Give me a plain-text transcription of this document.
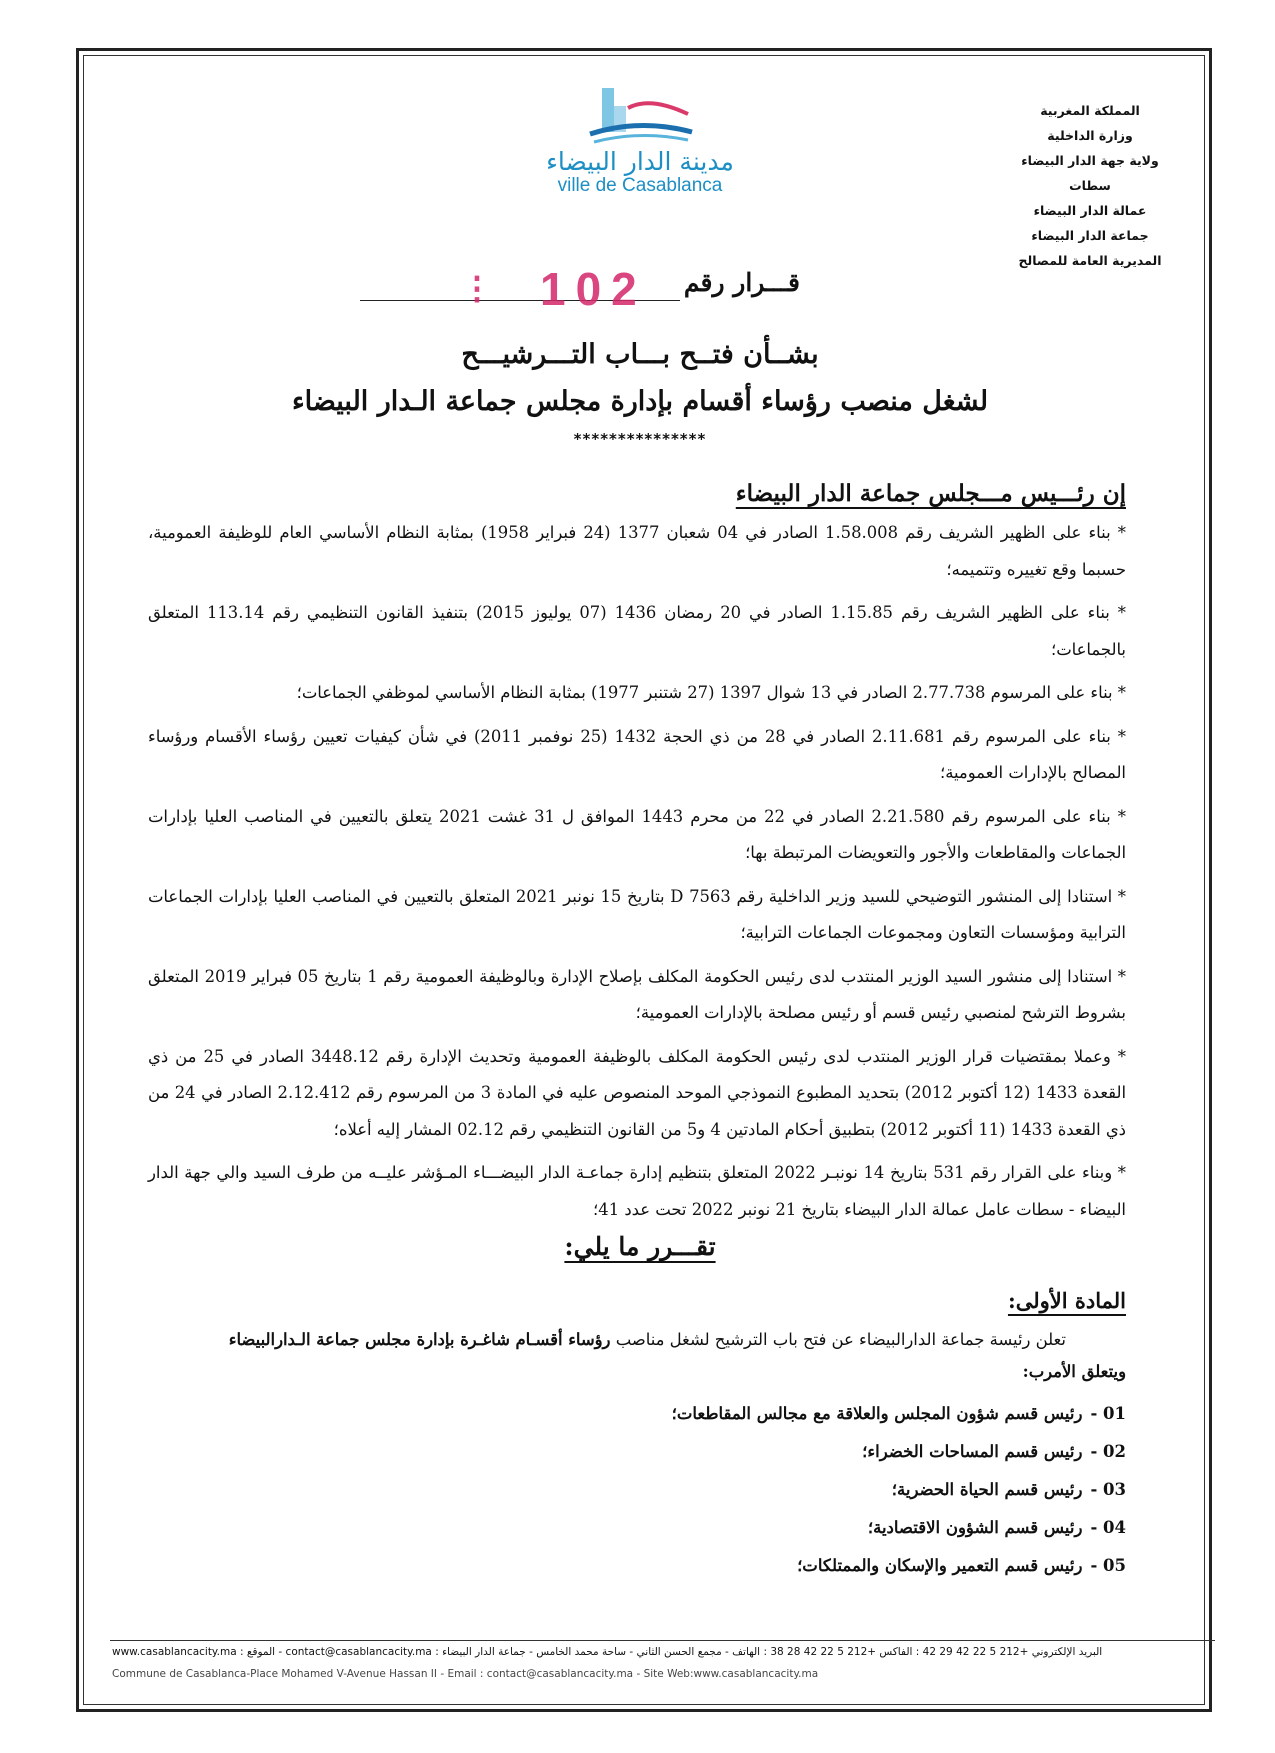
المملكة المغربية
وزارة الداخلية
ولاية جهة الدار البيضاء سطات
عمالة الدار البيضاء
جماعة الدار البيضاء
المديرية العامة للمصالح
مدينة الدار البيضاء
ville de Casablanca
⁝ 102 قـــرار رقم
بشــأن فتــح بـــاب التـــرشيـــح
لشغل منصب رؤساء أقسام بإدارة مجلس جماعة الـدار البيضاء
***************
إن رئـــيس مـــجلس جماعة الدار البيضاء

* بناء على الظهير الشريف رقم 1.58.008 الصادر في 04 شعبان 1377 (24 فبراير 1958) بمثابة النظام الأساسي العام للوظيفة العمومية، حسبما وقع تغييره وتتميمه؛

* بناء على الظهير الشريف رقم 1.15.85 الصادر في 20 رمضان 1436 (07 يوليوز 2015) بتنفيذ القانون التنظيمي رقم 113.14 المتعلق بالجماعات؛

* بناء على المرسوم 2.77.738 الصادر في 13 شوال 1397 (27 شتنبر 1977) بمثابة النظام الأساسي لموظفي الجماعات؛

* بناء على المرسوم رقم 2.11.681 الصادر في 28 من ذي الحجة 1432 (25 نوفمبر 2011) في شأن كيفيات تعيين رؤساء الأقسام ورؤساء المصالح بالإدارات العمومية؛

* بناء على المرسوم رقم 2.21.580 الصادر في 22 من محرم 1443 الموافق ل 31 غشت 2021 يتعلق بالتعيين في المناصب العليا بإدارات الجماعات والمقاطعات والأجور والتعويضات المرتبطة بها؛

* استنادا إلى المنشور التوضيحي للسيد وزير الداخلية رقم D 7563 بتاريخ 15 نونبر 2021 المتعلق بالتعيين في المناصب العليا بإدارات الجماعات الترابية ومؤسسات التعاون ومجموعات الجماعات الترابية؛

* استنادا إلى منشور السيد الوزير المنتدب لدى رئيس الحكومة المكلف بإصلاح الإدارة وبالوظيفة العمومية رقم 1 بتاريخ 05 فبراير 2019 المتعلق بشروط الترشح لمنصبي رئيس قسم أو رئيس مصلحة بالإدارات العمومية؛

* وعملا بمقتضيات قرار الوزير المنتدب لدى رئيس الحكومة المكلف بالوظيفة العمومية وتحديث الإدارة رقم 3448.12 الصادر في 25 من ذي القعدة 1433 (12 أكتوبر 2012) بتحديد المطبوع النموذجي الموحد المنصوص عليه في المادة 3 من المرسوم رقم 2.12.412 الصادر في 24 من ذي القعدة 1433 (11 أكتوبر 2012) بتطبيق أحكام المادتين 4 و5 من القانون التنظيمي رقم 02.12 المشار إليه أعلاه؛

* وبناء على القرار رقم 531 بتاريخ 14 نونبـر 2022 المتعلق بتنظيم إدارة جماعـة الدار البيضـــاء المـؤشر عليــه من طرف السيد والي جهة الدار البيضاء - سطات عامل عمالة الدار البيضاء بتاريخ 21 نونبر 2022 تحت عدد 41؛

تقـــرر ما يلي:
المادة الأولى:
تعلن رئيسة جماعة الدارالبيضاء عن فتح باب الترشيح لشغل مناصب رؤساء أقسـام شاغـرة بإدارة مجلس جماعة الـدارالبيضاء
ويتعلق الأمرب:
01 -رئيس قسم شؤون المجلس والعلاقة مع مجالس المقاطعات؛
02 -رئيس قسم المساحات الخضراء؛
03 -رئيس قسم الحياة الحضرية؛
04 -رئيس قسم الشؤون الاقتصادية؛
05 -رئيس قسم التعمير والإسكان والممتلكات؛
www.casablancacity.ma : الموقع - contact@casablancacity.ma : البريد الإلكتروني +212 5 22 42 29 42 : الفاكس +212 5 22 42 28 38 : الهاتف - مجمع الحسن الثاني - ساحة محمد الخامس - جماعة الدار البيضاء
Commune de Casablanca-Place Mohamed V-Avenue Hassan II - Email : contact@casablancacity.ma - Site Web:www.casablancacity.ma
